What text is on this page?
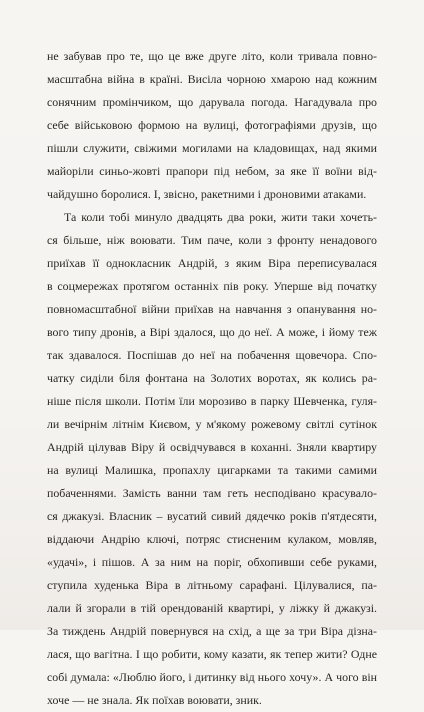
не забував про те, що це вже друге літо, коли тривала повно-
масштабна війна в країні. Висіла чорною хмарою над кожним
сонячним промінчиком, що дарувала погода. Нагадувала про
себе військовою формою на вулиці, фотографіями друзів, що
пішли служити, свіжими могилами на кладовищах, над якими
майоріли синьо-жовті прапори під небом, за яке її воїни від-
чайдушно боролися. І, звісно, ракетними і дроновими атаками.
Та коли тобі минуло двадцять два роки, жити таки хочеть-
ся більше, ніж воювати. Тим паче, коли з фронту ненадового
приїхав її однокласник Андрій, з яким Віра переписувалася
в соцмережах протягом останніх пів року. Уперше від початку
повномасштабної війни приїхав на навчання з опанування но-
вого типу дронів, а Вірі здалося, що до неї. А може, і йому теж
так здавалося. Поспішав до неї на побачення щовечора. Спо-
чатку сиділи біля фонтана на Золотих воротах, як колись ра-
ніше після школи. Потім їли морозиво в парку Шевченка, гуля-
ли вечірнім літнім Києвом, у м'якому рожевому світлі сутінок
Андрій цілував Віру й освідчувався в коханні. Зняли квартиру
на вулиці Малишка, пропахлу цигарками та такими самими
побаченнями. Замість ванни там геть несподівано красувало-
ся джакузі. Власник – вусатий сивий дядечко років п'ятдесяти,
віддаючи Андрію ключі, потряс стисненим кулаком, мовляв,
«удачі», і пішов. А за ним на поріг, обхопивши себе руками,
ступила худенька Віра в літньому сарафані. Цілувалися, па-
лали й згорали в тій орендованій квартирі, у ліжку й джакузі.
За тиждень Андрій повернувся на схід, а ще за три Віра дізна-
лася, що вагітна. І що робити, кому казати, як тепер жити? Одне
собі думала: «Люблю його, і дитинку від нього хочу». А чого він
хоче — не знала. Як поїхав воювати, зник.
